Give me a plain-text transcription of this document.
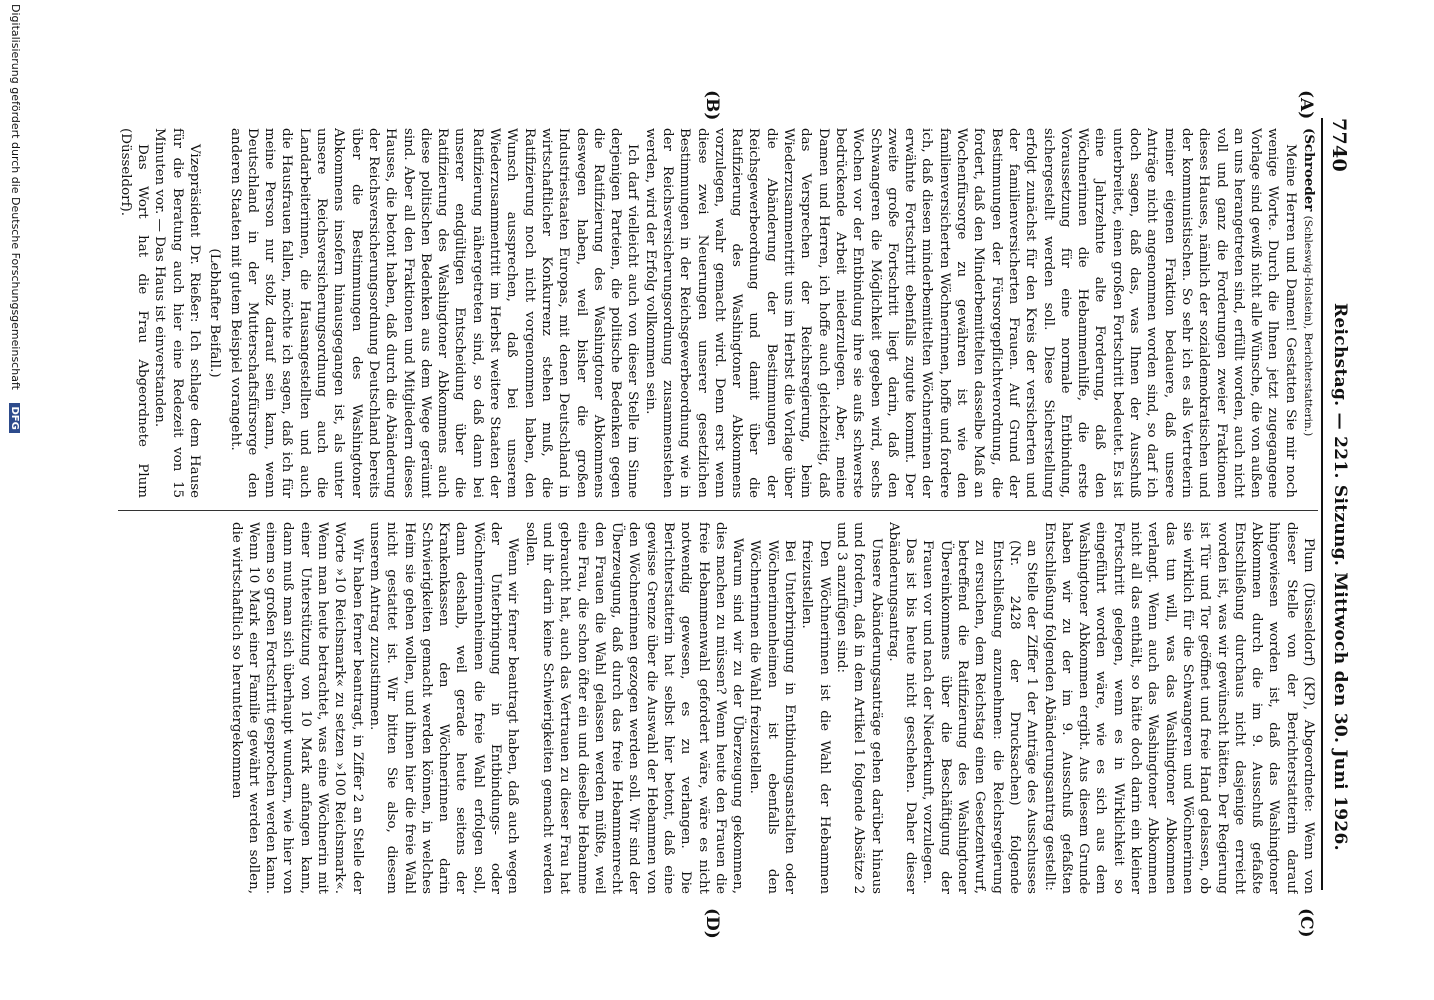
7740
Reichstag. — 221. Sitzung. Mittwoch den 30. Juni 1926.
(A)
(B)
(C)
(D)

(Schroeder (Schleswig-Holstein), Berichterstatterin.)

Meine Herren und Damen! Gestatten Sie mir noch wenige Worte. Durch die Ihnen jetzt zugegangene Vorlage sind gewiß nicht alle Wünsche, die von außen an uns herangetreten sind, erfüllt worden, auch nicht voll und ganz die Forderungen zweier Fraktionen dieses Hauses, nämlich der sozialdemokratischen und der kommunistischen. So sehr ich es als Vertreterin meiner eigenen Fraktion bedauere, daß unsere Anträge nicht angenommen worden sind, so darf ich doch sagen, daß das, was Ihnen der Ausschuß unterbreitet, einen großen Fortschritt bedeutet. Es ist eine Jahrzehnte alte Forderung, daß den Wöchnerinnen die Hebammenhilfe, die erste Voraussetzung für eine normale Entbindung, sichergestellt werden soll. Diese Sicherstellung erfolgt zunächst für den Kreis der versicherten und der familienversicherten Frauen. Auf Grund der Bestimmungen der Fürsorgepflichtverordnung, die fordert, daß den Minderbemittelten dasselbe Maß an Wochenfürsorge zu gewähren ist wie den familienversicherten Wöchnerinnen, hoffe und fordere ich, daß diesen minderbemittelten Wöchnerinnen der erwähnte Fortschritt ebenfalls zugute kommt. Der zweite große Fortschritt liegt darin, daß den Schwangeren die Möglichkeit gegeben wird, sechs Wochen vor der Entbindung ihre sie aufs schwerste bedrückende Arbeit niederzulegen. Aber, meine Damen und Herren, ich hoffe auch gleichzeitig, daß das Versprechen der Reichsregierung, beim Wiederzusammentritt uns im Herbst die Vorlage über die Abänderung der Bestimmungen der Reichsgewerbeordnung und damit über die Ratifizierung des Washingtoner Abkommens vorzulegen, wahr gemacht wird. Denn erst wenn diese zwei Neuerungen unserer gesetzlichen Bestimmungen in der Reichsgewerbeordnung wie in der Reichsversicherungsordnung zusammenstehen werden, wird der Erfolg vollkommen sein.

Ich darf vielleicht auch von dieser Stelle im Sinne derjenigen Parteien, die politische Bedenken gegen die Ratifizierung des Washingtoner Abkommens deswegen haben, weil bisher die großen Industriestaaten Europas, mit denen Deutschland in wirtschaftlicher Konkurrenz stehen muß, die Ratifizierung noch nicht vorgenommen haben, den Wunsch aussprechen, daß bei unserem Wiederzusammentritt im Herbst weitere Staaten der Ratifizierung nähergetreten sind, so daß dann bei unserer endgültigen Entscheidung über die Ratifizierung des Washingtoner Abkommens auch diese politischen Bedenken aus dem Wege geräumt sind. Aber all den Fraktionen und Mitgliedern dieses Hauses, die betont haben, daß durch die Abänderung der Reichsversicherungsordnung Deutschland bereits über die Bestimmungen des Washingtoner Abkommens insofern hinausgegangen ist, als unter unsere Reichsversicherungsordnung auch die Landarbeiterinnen, die Hausangestellten und auch die Hausfrauen fallen, möchte ich sagen, daß ich für meine Person nur stolz darauf sein kann, wenn Deutschland in der Mutterschaftsfürsorge den anderen Staaten mit gutem Beispiel vorangeht.

(Lebhafter Beifall.)

Vizepräsident Dr. Rießer: Ich schlage dem Hause für die Beratung auch hier eine Redezeit von 15 Minuten vor. — Das Haus ist einverstanden.

Das Wort hat die Frau Abgeordnete Plum (Düsseldorf).

Plum (Düsseldorf) (KP), Abgeordnete: Wenn von dieser Stelle von der Berichterstatterin darauf hingewiesen worden ist, daß das Washingtoner Abkommen durch die im 9. Ausschuß gefaßte Entschließung durchaus nicht dasjenige erreicht worden ist, was wir gewünscht hätten. Der Regierung ist Tür und Tor geöffnet und freie Hand gelassen, ob sie wirklich für die Schwangeren und Wöchnerinnen das tun will, was das Washingtoner Abkommen verlangt. Wenn auch das Washingtoner Abkommen nicht all das enthält, so hätte doch darin ein kleiner Fortschritt gelegen, wenn es in Wirklichkeit so eingeführt worden wäre, wie es sich aus dem Washingtoner Abkommen ergibt. Aus diesem Grunde haben wir zu der im 9. Ausschuß gefaßten Entschließung folgenden Abänderungsantrag gestellt:

an Stelle der Ziffer 1 der Anträge des Ausschusses (Nr. 2428 der Drucksachen) folgende Entschließung anzunehmen: die Reichsregierung zu ersuchen, dem Reichstag einen Gesetzentwurf, betreffend die Ratifizierung des Washingtoner Übereinkommens über die Beschäftigung der Frauen vor und nach der Niederkunft, vorzulegen.

Das ist bis heute nicht geschehen. Daher dieser Abänderungsantrag.

Unsere Abänderungsanträge gehen darüber hinaus und fordern, daß in dem Artikel 1 folgende Absätze 2 und 3 anzufügen sind:

Den Wöchnerinnen ist die Wahl der Hebammen freizustellen.

Bei Unterbringung in Entbindungsanstalten oder Wöchnerinnenheimen ist ebenfalls den Wöchnerinnen die Wahl freizustellen.

Warum sind wir zu der Überzeugung gekommen, dies machen zu müssen? Wenn heute den Frauen die freie Hebammenwahl gefordert wäre, wäre es nicht notwendig gewesen, es zu verlangen. Die Berichterstatterin hat selbst hier betont, daß eine gewisse Grenze über die Auswahl der Hebammen von den Wöchnerinnen gezogen werden soll. Wir sind der Überzeugung, daß durch das freie Hebammenrecht den Frauen die Wahl gelassen werden müßte, weil eine Frau, die schon öfter ein und dieselbe Hebamme gebraucht hat, auch das Vertrauen zu dieser Frau hat und ihr darin keine Schwierigkeiten gemacht werden sollen.

Wenn wir ferner beantragt haben, daß auch wegen der Unterbringung in Entbindungs- oder Wöchnerinnenheimen die freie Wahl erfolgen soll, dann deshalb, weil gerade heute seitens der Krankenkassen den Wöchnerinnen darin Schwierigkeiten gemacht werden können, in welches Heim sie gehen wollen, und ihnen hier die freie Wahl nicht gestattet ist. Wir bitten Sie also, diesem unserem Antrag zuzustimmen.

Wir haben ferner beantragt, in Ziffer 2 an Stelle der Worte »10 Reichsmark« zu setzen »100 Reichsmark«. Wenn man heute betrachtet, was eine Wöchnerin mit einer Unterstützung von 10 Mark anfangen kann, dann muß man sich überhaupt wundern, wie hier von einem so großen Fortschritt gesprochen werden kann. Wenn 10 Mark einer Familie gewährt werden sollen, die wirtschaftlich so heruntergekommen

Digitalisierung gefördert durch die Deutsche Forschungsgemeinschaft DFG
